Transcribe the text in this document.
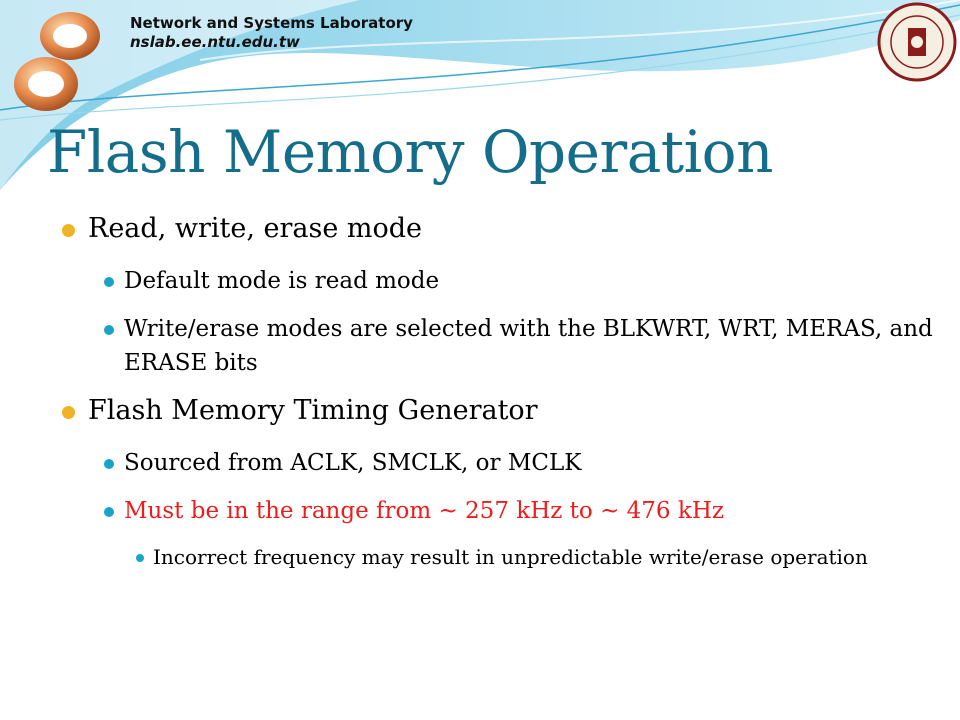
Network and Systems Laboratory
nslab.ee.ntu.edu.tw
Flash Memory Operation
Read, write, erase mode
Default mode is read mode
Write/erase modes are selected with the BLKWRT, WRT, MERAS, and ERASE bits
Flash Memory Timing Generator
Sourced from ACLK, SMCLK, or MCLK
Must be in the range from ~ 257 kHz to ~ 476 kHz
Incorrect frequency may result in unpredictable write/erase operation
